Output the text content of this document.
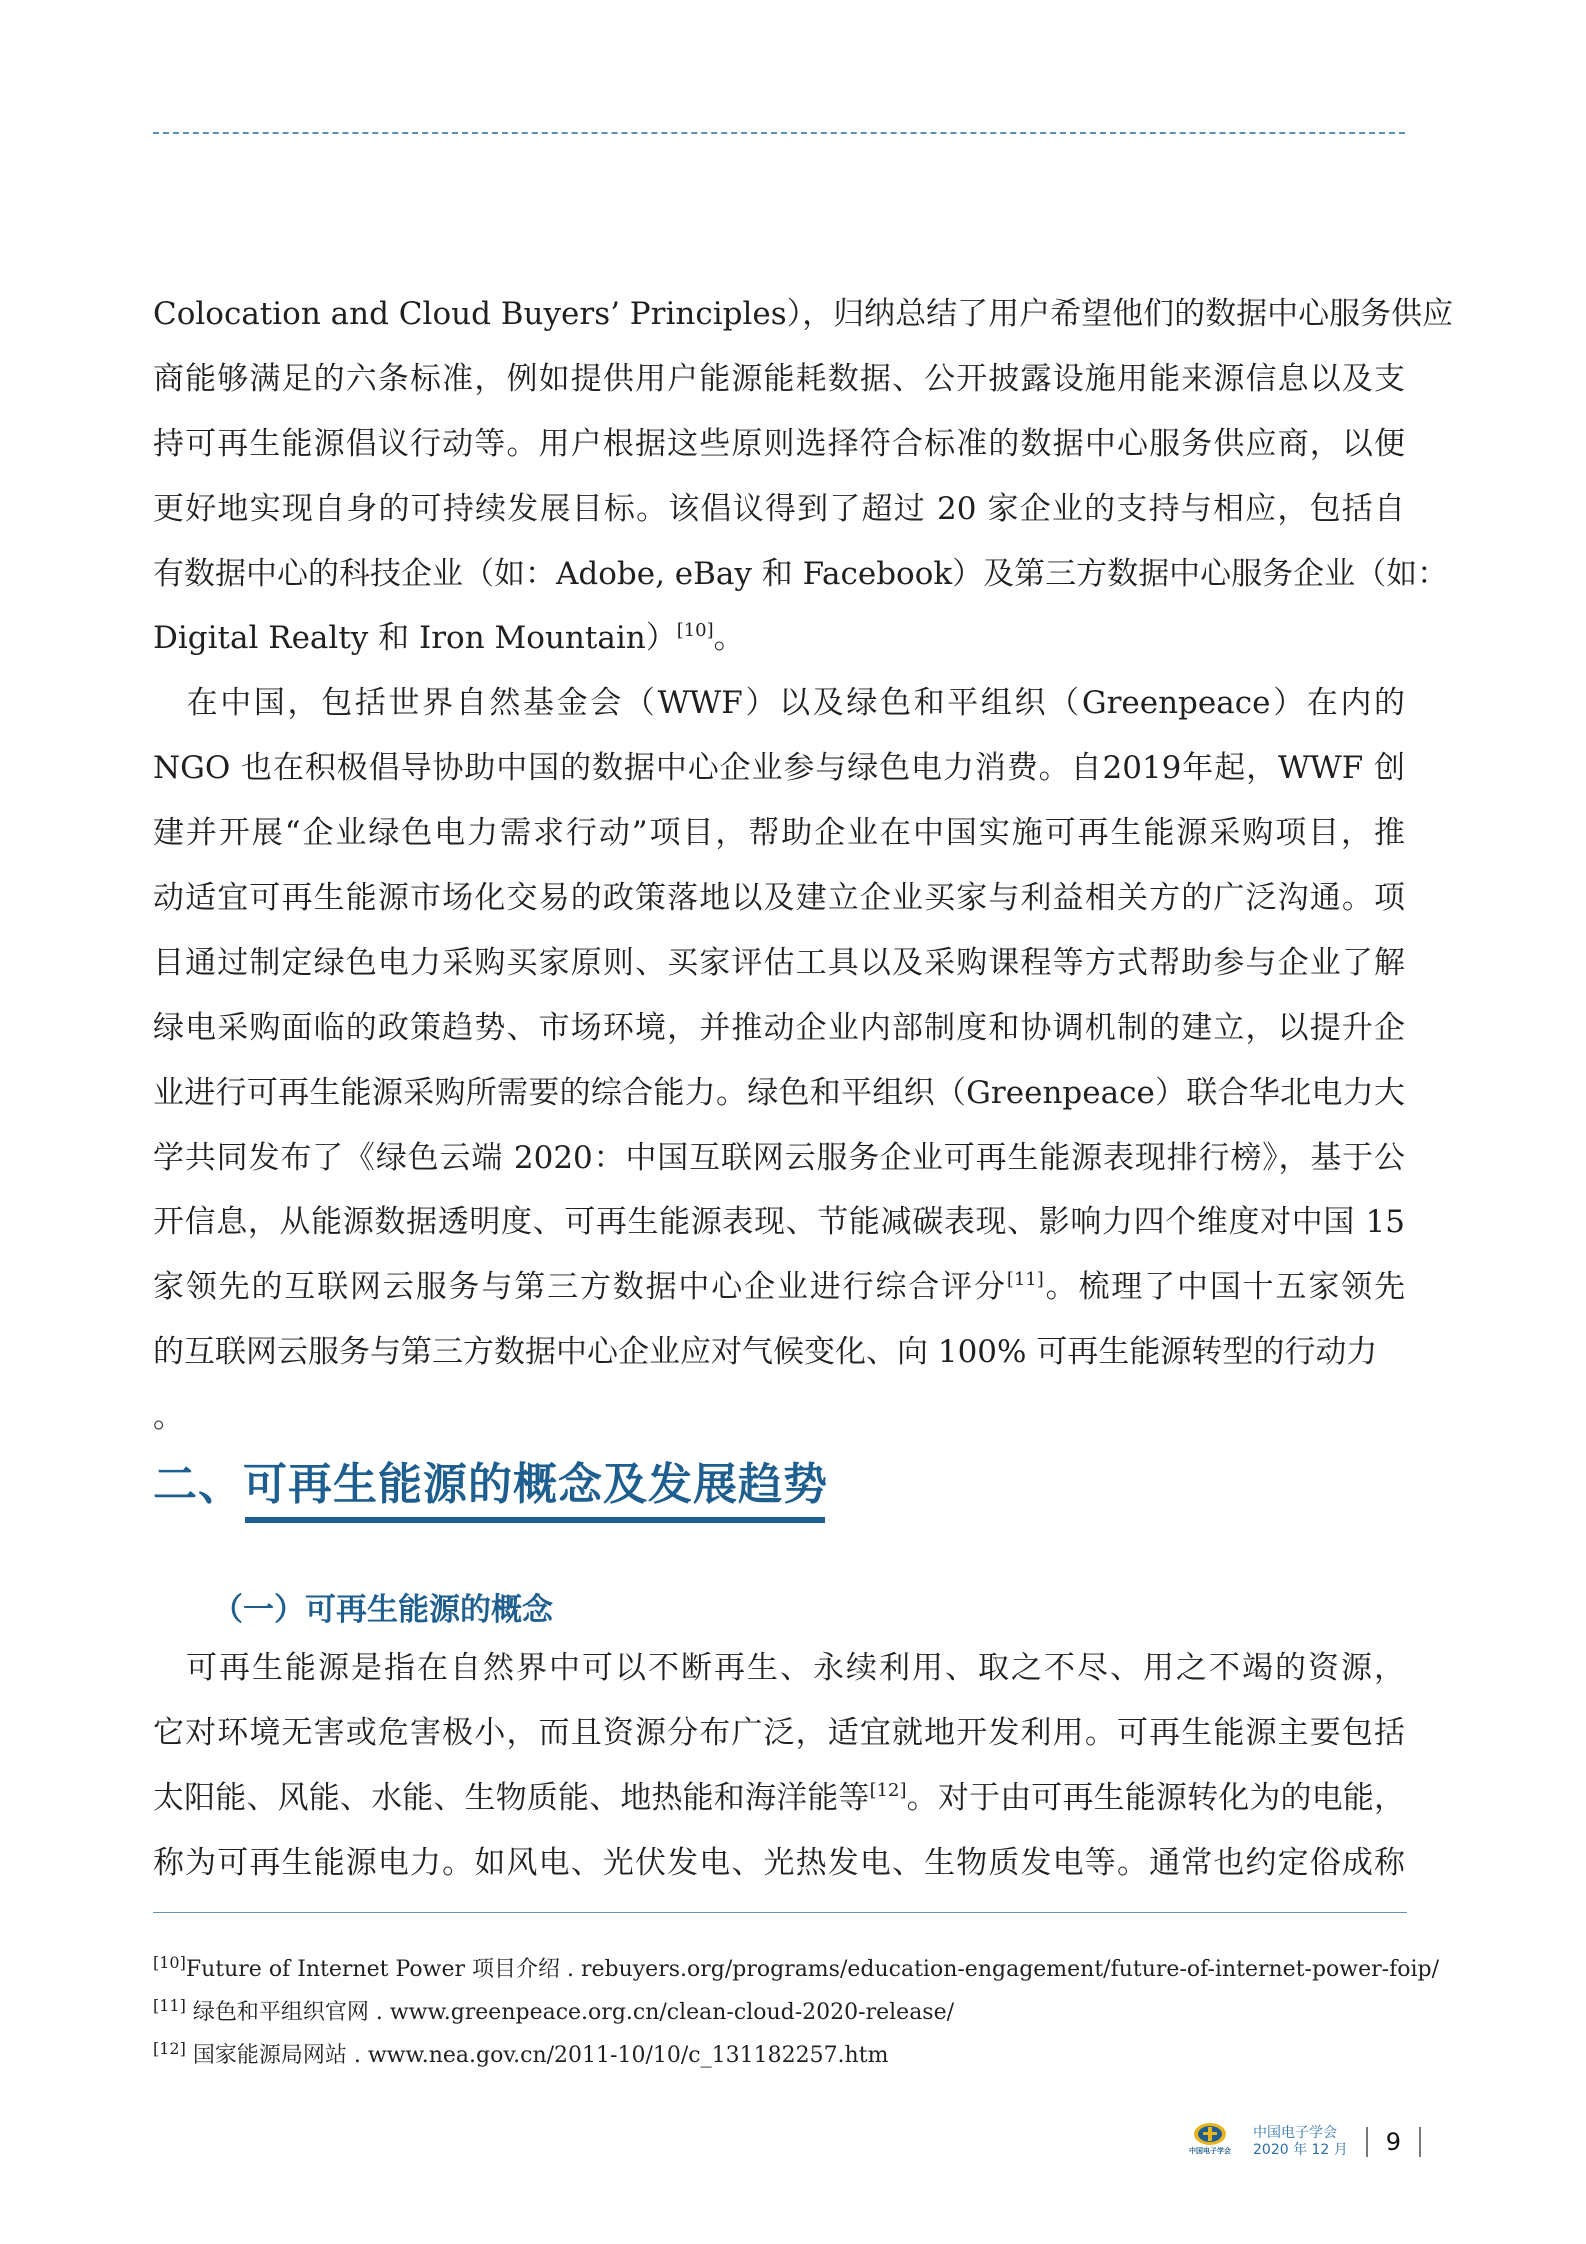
Colocation and Cloud Buyers’ Principles），归纳总结了用户希望他们的数据中心服务供应
商能够满足的六条标准，例如提供用户能源能耗数据、公开披露设施用能来源信息以及支
持可再生能源倡议行动等。用户根据这些原则选择符合标准的数据中心服务供应商，以便
更好地实现自身的可持续发展目标。该倡议得到了超过 20 家企业的支持与相应，包括自
有数据中心的科技企业（如：Adobe, eBay 和 Facebook）及第三方数据中心服务企业（如：
Digital Realty 和 Iron Mountain）[10]。
　在中国，包括世界自然基金会（WWF）以及绿色和平组织（Greenpeace）在内的
NGO 也在积极倡导协助中国的数据中心企业参与绿色电力消费。自2019年起，WWF 创
建并开展“企业绿色电力需求行动”项目，帮助企业在中国实施可再生能源采购项目，推
动适宜可再生能源市场化交易的政策落地以及建立企业买家与利益相关方的广泛沟通。项
目通过制定绿色电力采购买家原则、买家评估工具以及采购课程等方式帮助参与企业了解
绿电采购面临的政策趋势、市场环境，并推动企业内部制度和协调机制的建立，以提升企
业进行可再生能源采购所需要的综合能力。绿色和平组织（Greenpeace）联合华北电力大
学共同发布了《绿色云端 2020：中国互联网云服务企业可再生能源表现排行榜》，基于公
开信息，从能源数据透明度、可再生能源表现、节能减碳表现、影响力四个维度对中国 15
家领先的互联网云服务与第三方数据中心企业进行综合评分[11]。梳理了中国十五家领先
的互联网云服务与第三方数据中心企业应对气候变化、向 100% 可再生能源转型的行动力
。
二、可再生能源的概念及发展趋势
（一）可再生能源的概念
　可再生能源是指在自然界中可以不断再生、永续利用、取之不尽、用之不竭的资源，
它对环境无害或危害极小，而且资源分布广泛，适宜就地开发利用。可再生能源主要包括
太阳能、风能、水能、生物质能、地热能和海洋能等[12]。对于由可再生能源转化为的电能，
称为可再生能源电力。如风电、光伏发电、光热发电、生物质发电等。通常也约定俗成称
[10]Future of Internet Power 项目介绍 . rebuyers.org/programs/education-engagement/future-of-internet-power-foip/
[11] 绿色和平组织官网 . www.greenpeace.org.cn/clean-cloud-2020-release/
[12] 国家能源局网站 . www.nea.gov.cn/2011-10/10/c_131182257.htm
中国电子学会
中国电子学会
2020 年 12 月 9
